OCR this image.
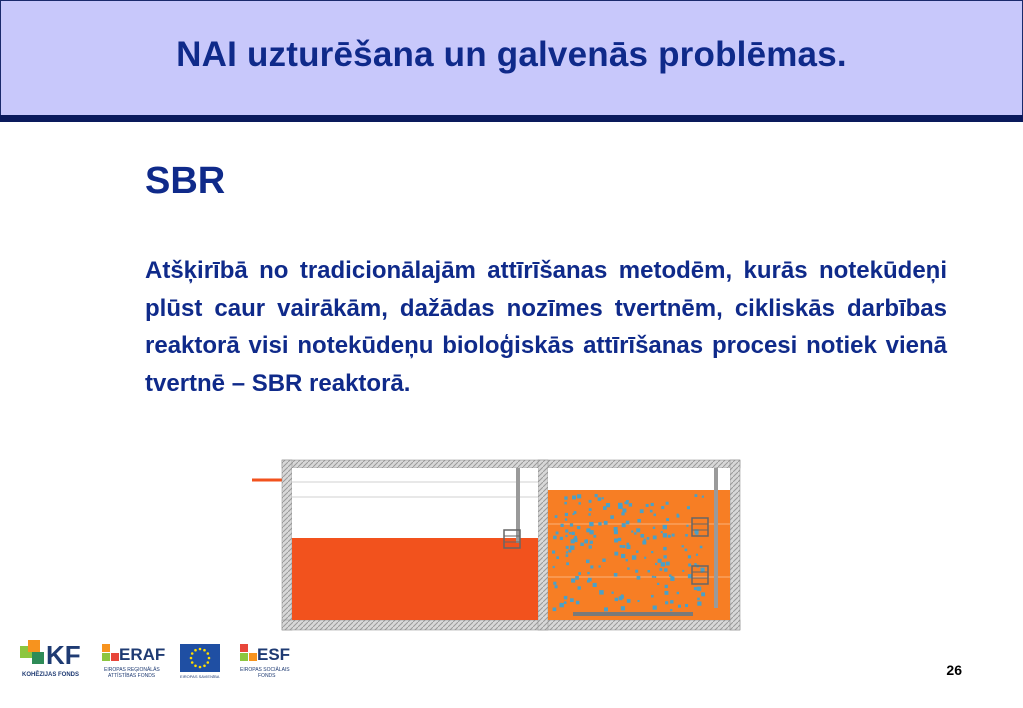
NAI uzturēšana un galvenās problēmas.
SBR
Atšķirībā no tradicionālajām attīrīšanas metodēm, kurās notekūdeņi plūst caur vairākām, dažādas nozīmes tvertnēm, cikliskās darbības reaktorā visi notekūdeņu bioloģiskās attīrīšanas procesi notiek vienā tvertnē – SBR reaktorā.
KF
KOHĒZIJAS FONDS
ERAF
EIROPAS REĢIONĀLĀS
ATTĪSTĪBAS FONDS	EIROPAS SAVIENĪBA
ESF
EIROPAS SOCIĀLAIS
FONDS	26
